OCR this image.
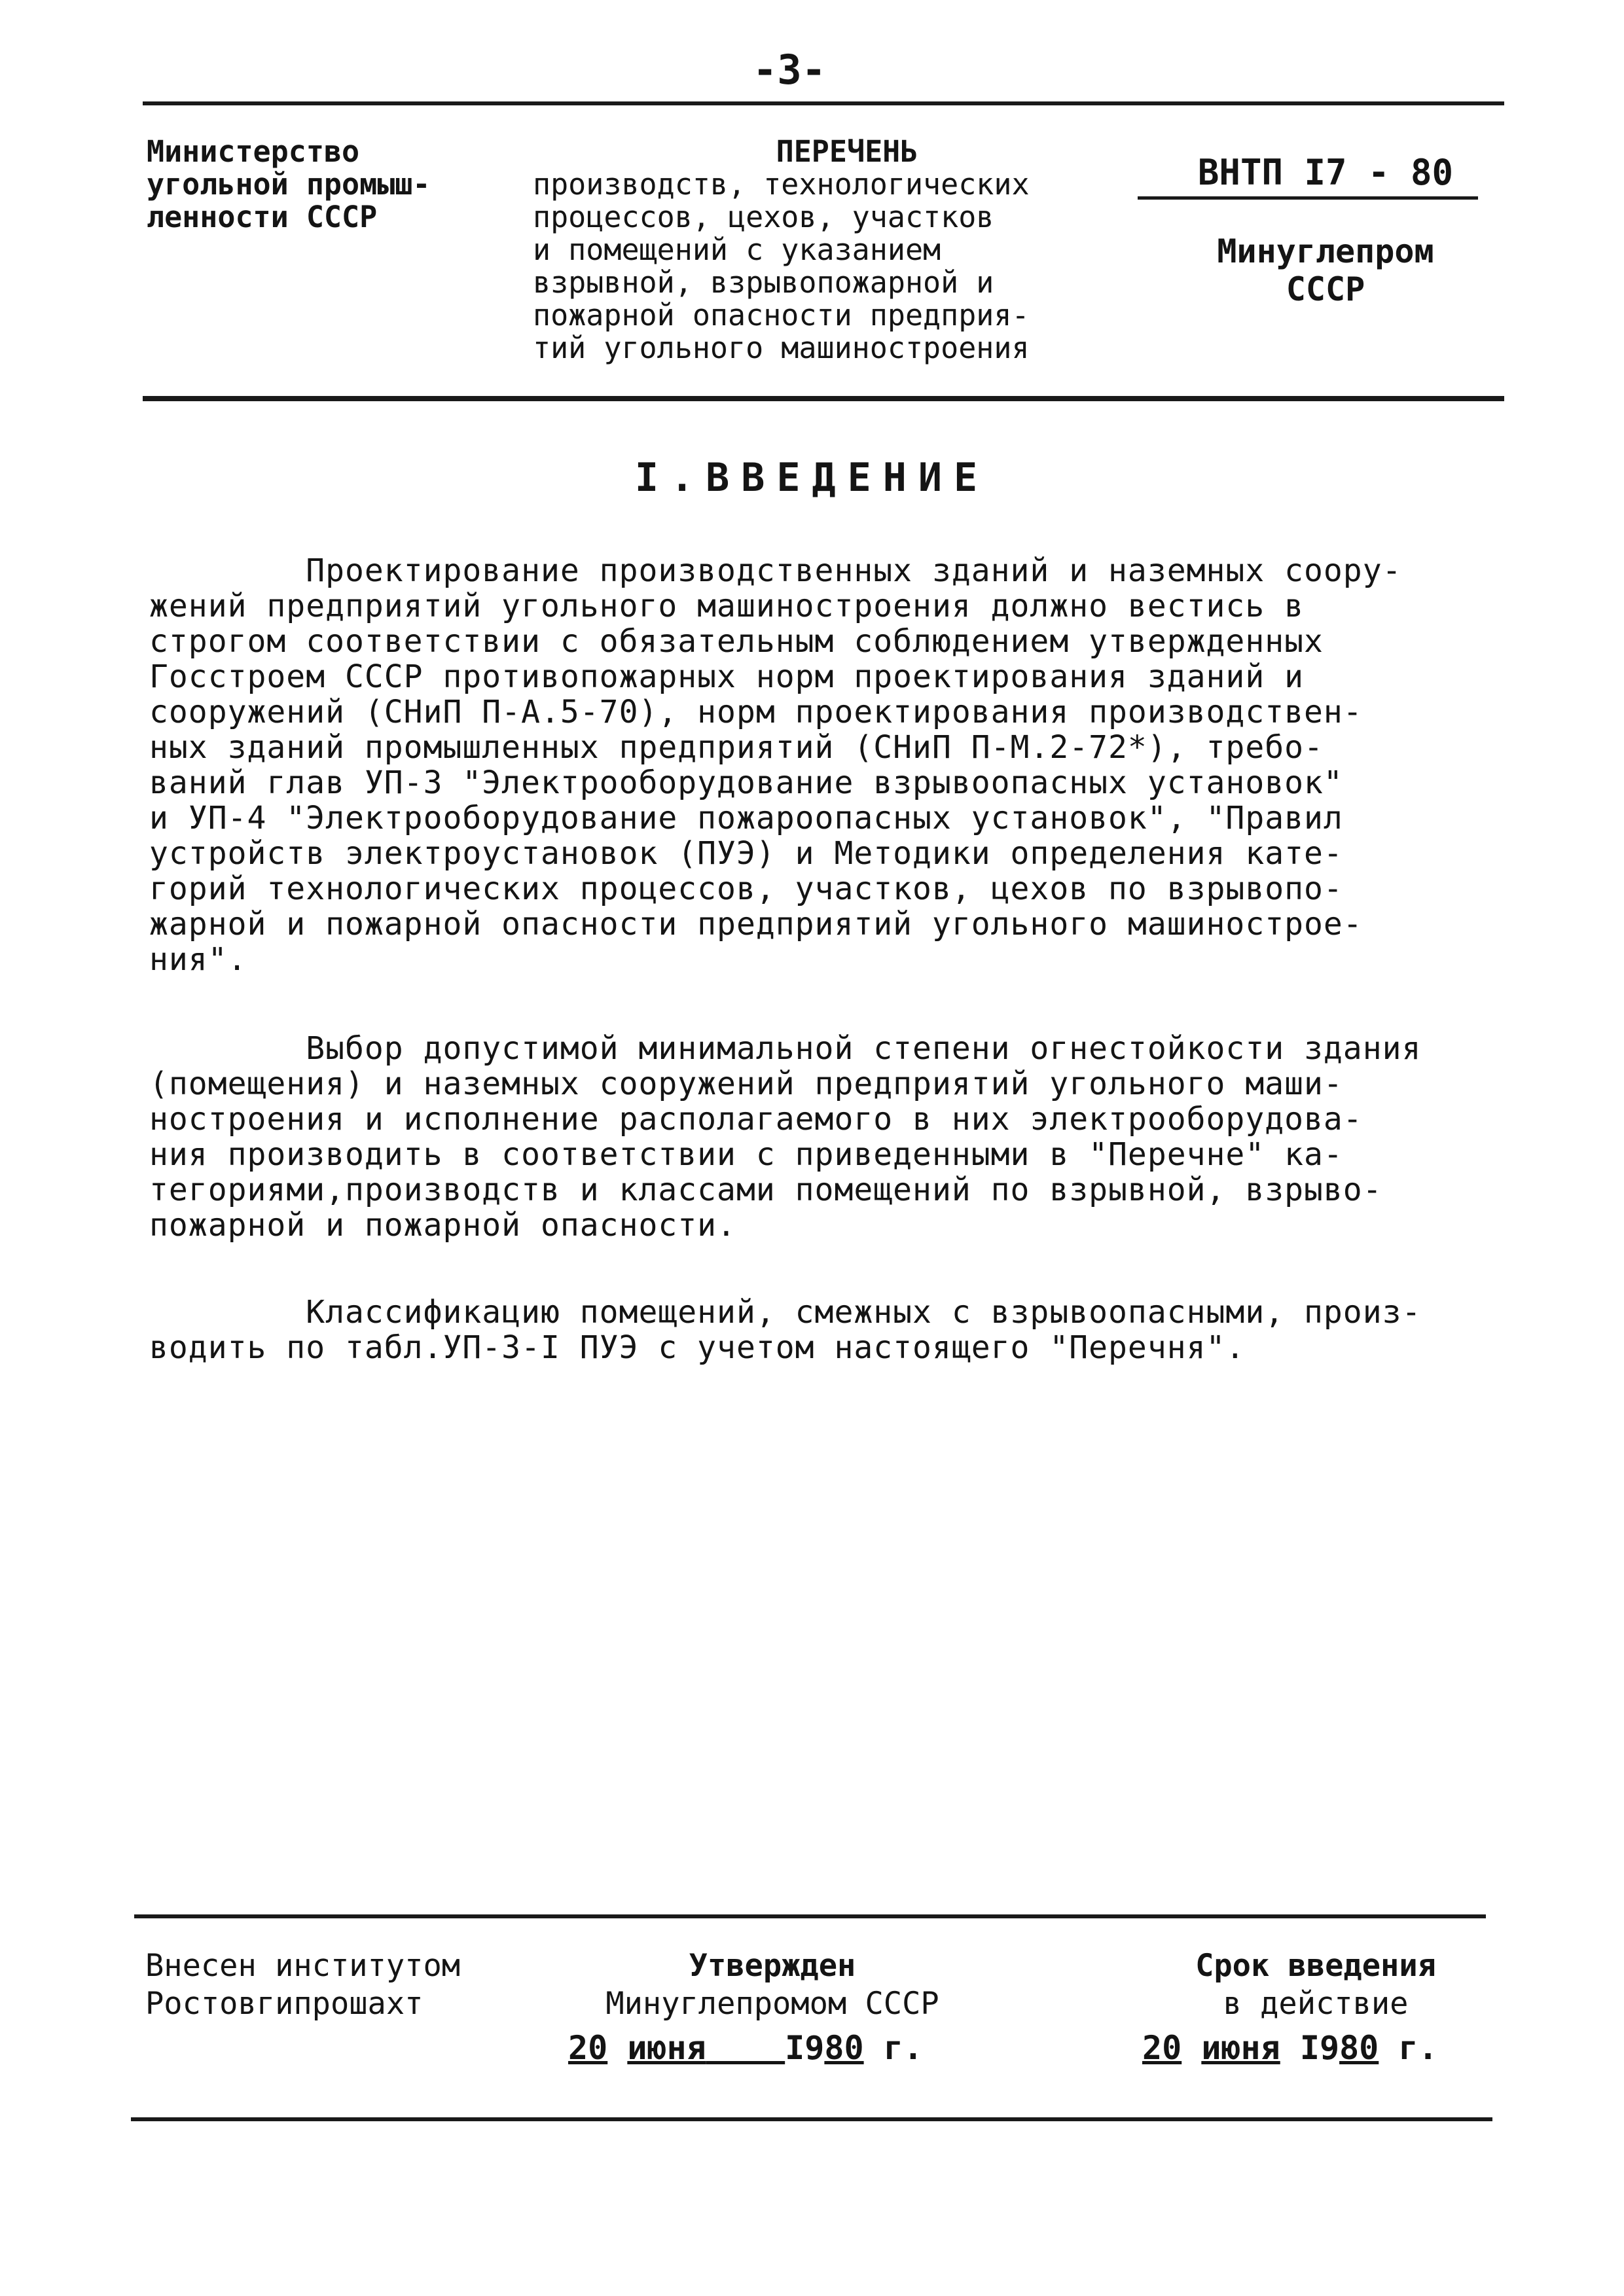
-3-
Министерство
угольной промыш-
ленности СССР
ПЕРЕЧЕНЬ
производств, технологических
процессов, цехов, участков
и помещений с указанием
взрывной, взрывопожарной и
пожарной опасности предприя-
тий угольного машиностроения
ВНТП I7 - 80
Минуглепром
СССР
I.ВВЕДЕНИЕ
Проектирование производственных зданий и наземных соору-
жений предприятий угольного машиностроения должно вестись в
строгом соответствии с обязательным соблюдением утвержденных
Госстроем СССР противопожарных норм проектирования зданий и
сооружений (СНиП П-А.5-70), норм проектирования производствен-
ных зданий промышленных предприятий (СНиП П-М.2-72*), требо-
ваний глав УП-3 "Электрооборудование взрывоопасных установок"
и УП-4 "Электрооборудование пожароопасных установок", "Правил
устройств электроустановок (ПУЭ) и Методики определения кате-
горий технологических процессов, участков, цехов по взрывопо-
жарной и пожарной опасности предприятий угольного машинострое-
ния".
Выбор допустимой минимальной степени огнестойкости здания
(помещения) и наземных сооружений предприятий угольного маши-
ностроения и исполнение располагаемого в них электрооборудова-
ния производить в соответствии с приведенными в "Перечне" ка-
тегориями,производств и классами помещений по взрывной, взрыво-
пожарной и пожарной опасности.
Классификацию помещений, смежных с взрывоопасными, произ-
водить по табл.УП-3-I ПУЭ с учетом настоящего "Перечня".
Внесен институтом
Ростовгипрошахт
Утвержден
Минуглепромом СССР
20 июня I980 г.
Срок введения
в действие
20 июня I980 г.
